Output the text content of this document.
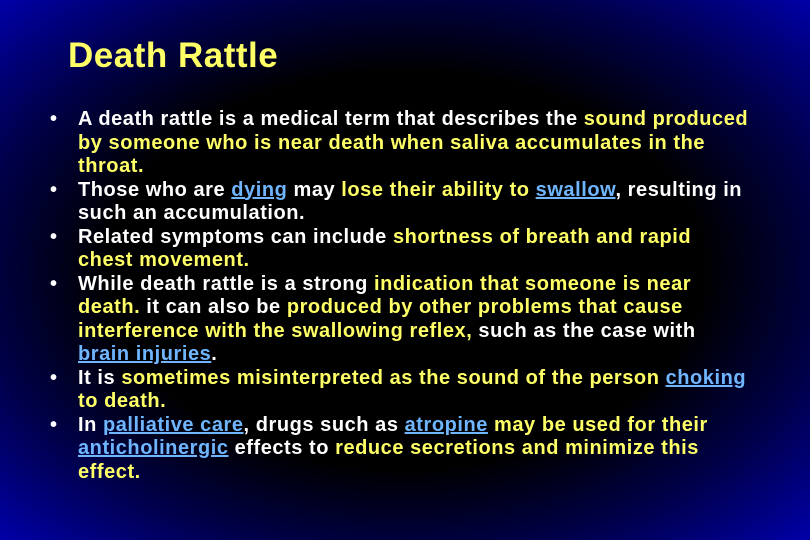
Death Rattle
• A death rattle is a medical term that describes the sound produced by someone who is near death when saliva accumulates in the throat.
• Those who are dying may lose their ability to swallow, resulting in such an accumulation.
• Related symptoms can include shortness of breath and rapid chest movement.
• While death rattle is a strong indication that someone is near death. it can also be produced by other problems that cause interference with the swallowing reflex, such as the case with brain injuries.
• It is sometimes misinterpreted as the sound of the person choking to death.
• In palliative care, drugs such as atropine may be used for their anticholinergic effects to reduce secretions and minimize this effect.
